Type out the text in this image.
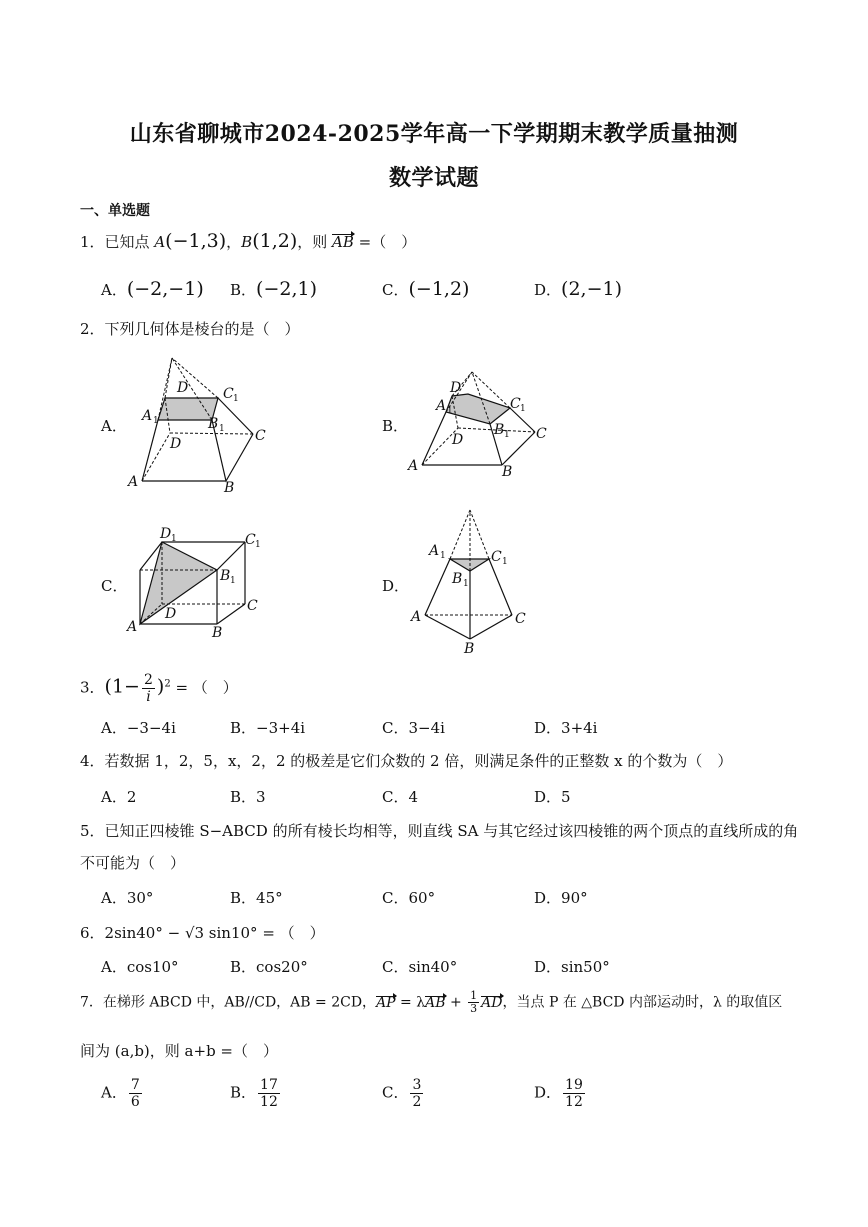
山东省聊城市2024-2025学年高一下学期期末教学质量抽测
数学试题
一、单选题
1．已知点 A(−1,3)，B(1,2)，则 AB =（　）
A．(−2,−1) B．(−2,1)	C．(−1,2)	D．(2,−1)
2．下列几何体是棱台的是（　）
A．
D C 1
A 1	B 1 C
D
A	B
B．
D
A 1	C 1
B 1 C
D
A	B
C．
D 1	C 1
B 1
C
D
A	B
D．
A 1	C 1
B 1
A	C
B
3．$(1- \frac{2}{i} )^2$ = （　）
A．−3−4i	B．−3+4i	C．3−4i	D．3+4i
4．若数据 1，2，5，x，2，2 的极差是它们众数的 2 倍，则满足条件的正整数 x 的个数为（　）
A．2	B．3	C．4	D．5
5．已知正四棱锥 S−ABCD 的所有棱长均相等，则直线 SA 与其它经过该四棱锥的两个顶点的直线所成的角
不可能为（　）
A．30°	B．45°	C．60°	D．90°
6．2sin40° − √3 sin10° = （　）
A．cos10°	B．cos20°	C．sin40°	D．sin50°
7．在梯形 ABCD 中，AB//CD，AB = 2CD，AP = $\lambda AB + \frac{1}{3}$ AD，当点 P 在 △BCD 内部运动时，λ 的取值区
间为 (a,b)，则 a+b =（　）
A． $\frac{7}{6}$	B． $\frac{17}{12}$	C． $\frac{3}{2}$	D． $\frac{19}{12}$
